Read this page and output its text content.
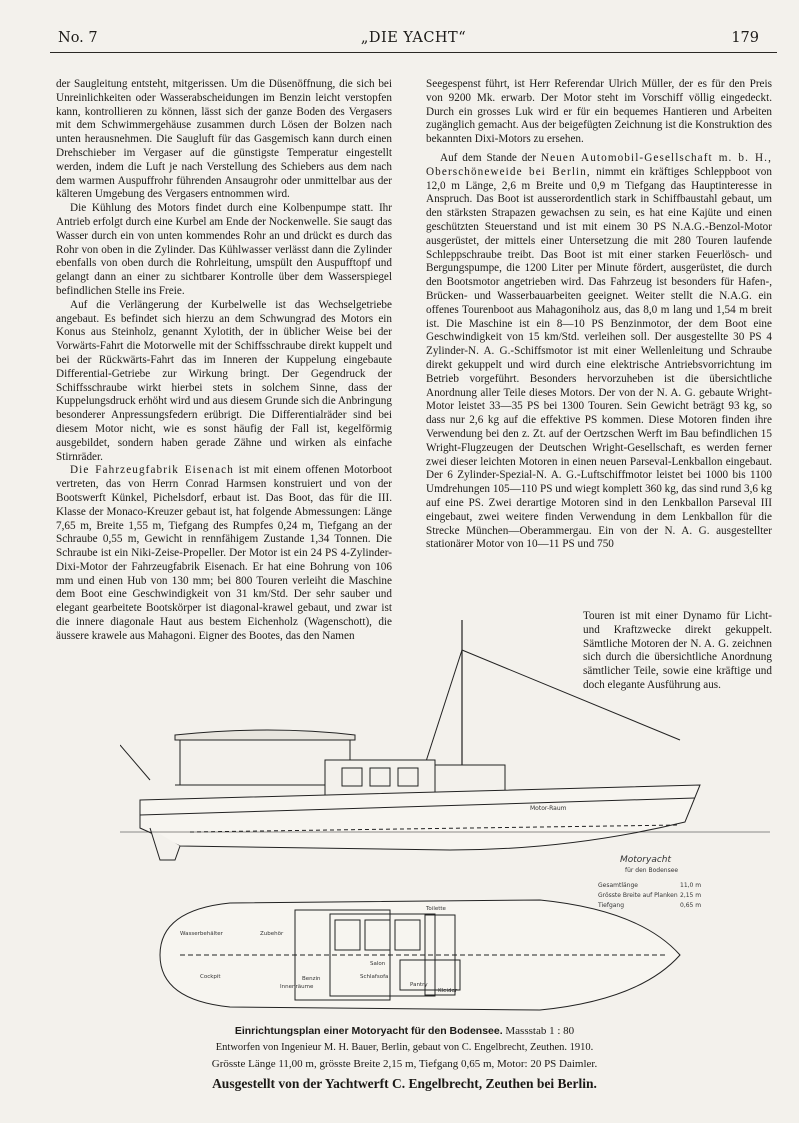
No. 7	„DIE YACHT“	179

der Saugleitung entsteht, mitgerissen. Um die Düsenöffnung, die sich bei Unreinlichkeiten oder Wasserabscheidungen im Benzin leicht verstopfen kann, kontrollieren zu können, lässt sich der ganze Boden des Vergasers mit dem Schwimmergehäuse zusammen durch Lösen der Bolzen nach unten herausnehmen. Die Saugluft für das Gasgemisch kann durch einen Drehschieber im Vergaser auf die günstigste Temperatur eingestellt werden, indem die Luft je nach Verstellung des Schiebers aus dem nach dem warmen Auspuffrohr führenden Ansaugrohr oder unmittelbar aus der kälteren Umgebung des Vergasers entnommen wird.

Die Kühlung des Motors findet durch eine Kolbenpumpe statt. Ihr Antrieb erfolgt durch eine Kurbel am Ende der Nockenwelle. Sie saugt das Wasser durch ein von unten kommendes Rohr an und drückt es durch das Rohr von oben in die Zylinder. Das Kühlwasser verlässt dann die Zylinder ebenfalls von oben durch die Rohrleitung, umspült den Auspufftopf und gelangt dann an einer zu sichtbarer Kontrolle über dem Wasserspiegel befindlichen Stelle ins Freie.

Auf die Verlängerung der Kurbelwelle ist das Wechselgetriebe angebaut. Es befindet sich hierzu an dem Schwungrad des Motors ein Konus aus Steinholz, genannt Xylotith, der in üblicher Weise bei der Vorwärts-Fahrt die Motorwelle mit der Schiffsschraube direkt kuppelt und bei der Rückwärts-Fahrt das im Inneren der Kuppelung eingebaute Differential-Getriebe zur Wirkung bringt. Der Gegendruck der Schiffsschraube wirkt hierbei stets in solchem Sinne, dass der Kuppelungsdruck erhöht wird und aus diesem Grunde sich die Anbringung besonderer Anpressungsfedern erübrigt. Die Differentialräder sind bei diesem Motor nicht, wie es sonst häufig der Fall ist, kegelförmig ausgebildet, sondern haben gerade Zähne und wirken als einfache Stirnräder.

Die Fahrzeugfabrik Eisenach ist mit einem offenen Motorboot vertreten, das von Herrn Conrad Harmsen konstruiert und von der Bootswerft Künkel, Pichelsdorf, erbaut ist. Das Boot, das für die III. Klasse der Monaco-Kreuzer gebaut ist, hat folgende Abmessungen: Länge 7,65 m, Breite 1,55 m, Tiefgang des Rumpfes 0,24 m, Tiefgang an der Schraube 0,55 m, Gewicht in rennfähigem Zustande 1,34 Tonnen. Die Schraube ist ein Niki-Zeise-Propeller. Der Motor ist ein 24 PS 4-Zylinder-Dixi-Motor der Fahrzeugfabrik Eisenach. Er hat eine Bohrung von 106 mm und einen Hub von 130 mm; bei 800 Touren verleiht die Maschine dem Boot eine Geschwindigkeit von 31 km/Std. Der sehr sauber und elegant gearbeitete Bootskörper ist diagonal-krawel gebaut, und zwar ist die innere diagonale Haut aus bestem Eichenholz (Wagenschott), die äussere krawele aus Mahagoni. Eigner des Bootes, das den Namen

Seegespenst führt, ist Herr Referendar Ulrich Müller, der es für den Preis von 9200 Mk. erwarb. Der Motor steht im Vorschiff völlig eingedeckt. Durch ein grosses Luk wird er für ein bequemes Hantieren und Arbeiten zugänglich gemacht. Aus der beigefügten Zeichnung ist die Konstruktion des bekannten Dixi-Motors zu ersehen.

Auf dem Stande der Neuen Automobil-Gesellschaft m. b. H., Oberschöneweide bei Berlin, nimmt ein kräftiges Schleppboot von 12,0 m Länge, 2,6 m Breite und 0,9 m Tiefgang das Hauptinteresse in Anspruch. Das Boot ist ausserordentlich stark in Schiffbaustahl gebaut, um den stärksten Strapazen gewachsen zu sein, es hat eine Kajüte und einen geschützten Steuerstand und ist mit einem 30 PS N.A.G.-Benzol-Motor ausgerüstet, der mittels einer Untersetzung die mit 280 Touren laufende Schleppschraube treibt. Das Boot ist mit einer starken Feuerlösch- und Bergungspumpe, die 1200 Liter per Minute fördert, ausgerüstet, die durch den Bootsmotor angetrieben wird. Das Fahrzeug ist besonders für Hafen-, Brücken- und Wasserbauarbeiten geeignet. Weiter stellt die N.A.G. ein offenes Tourenboot aus Mahagoniholz aus, das 8,0 m lang und 1,54 m breit ist. Die Maschine ist ein 8—10 PS Benzinmotor, der dem Boot eine Geschwindigkeit von 15 km/Std. verleihen soll. Der ausgestellte 30 PS 4 Zylinder-N. A. G.-Schiffsmotor ist mit einer Wellenleitung und Schraube direkt gekuppelt und wird durch eine elektrische Antriebsvorrichtung im Betrieb vorgeführt. Besonders hervorzuheben ist die übersichtliche Anordnung aller Teile dieses Motors. Der von der N. A. G. gebaute Wright-Motor leistet 33—35 PS bei 1300 Touren. Sein Gewicht beträgt 93 kg, so dass nur 2,6 kg auf die effektive PS kommen. Diese Motoren finden ihre Verwendung bei den z. Zt. auf der Oertzschen Werft im Bau befindlichen 15 Wright-Flugzeugen der Deutschen Wright-Gesellschaft, es werden ferner zwei dieser leichten Motoren in einen neuen Parseval-Lenkballon eingebaut. Der 6 Zylinder-Spezial-N. A. G.-Luftschiffmotor leistet bei 1000 bis 1100 Umdrehungen 105—110 PS und wiegt komplett 360 kg, das sind rund 3,6 kg auf eine PS. Zwei derartige Motoren sind in den Lenkballon Parseval III eingebaut, zwei weitere finden Verwendung in dem Lenkballon für die Strecke München—Oberammergau. Ein von der N. A. G. ausgestellter stationärer Motor von 10—11 PS und 750

Touren ist mit einer Dynamo für Licht- und Kraftzwecke direkt gekuppelt. Sämtliche Motoren der N. A. G. zeichnen sich durch die übersichtliche Anordnung sämtlicher Teile, sowie eine kräftige und doch elegante Ausführung aus.

Motor-Raum
Motoryacht
für den Bodensee
Gesamtlänge	11,0 m
Grösste Breite auf Planken 2,15 m
Tiefgang	0,65 m
Salon
Schlafsofa
Pantry
Toilette
Kleider
Wasserbehälter
Cockpit	Benzin
Innenräume
Zubehör
Einrichtungsplan einer Motoryacht für den Bodensee. Massstab 1 : 80
Entworfen von Ingenieur M. H. Bauer, Berlin, gebaut von C. Engelbrecht, Zeuthen. 1910.
Grösste Länge 11,00 m, grösste Breite 2,15 m, Tiefgang 0,65 m, Motor: 20 PS Daimler.
Ausgestellt von der Yachtwerft C. Engelbrecht, Zeuthen bei Berlin.
